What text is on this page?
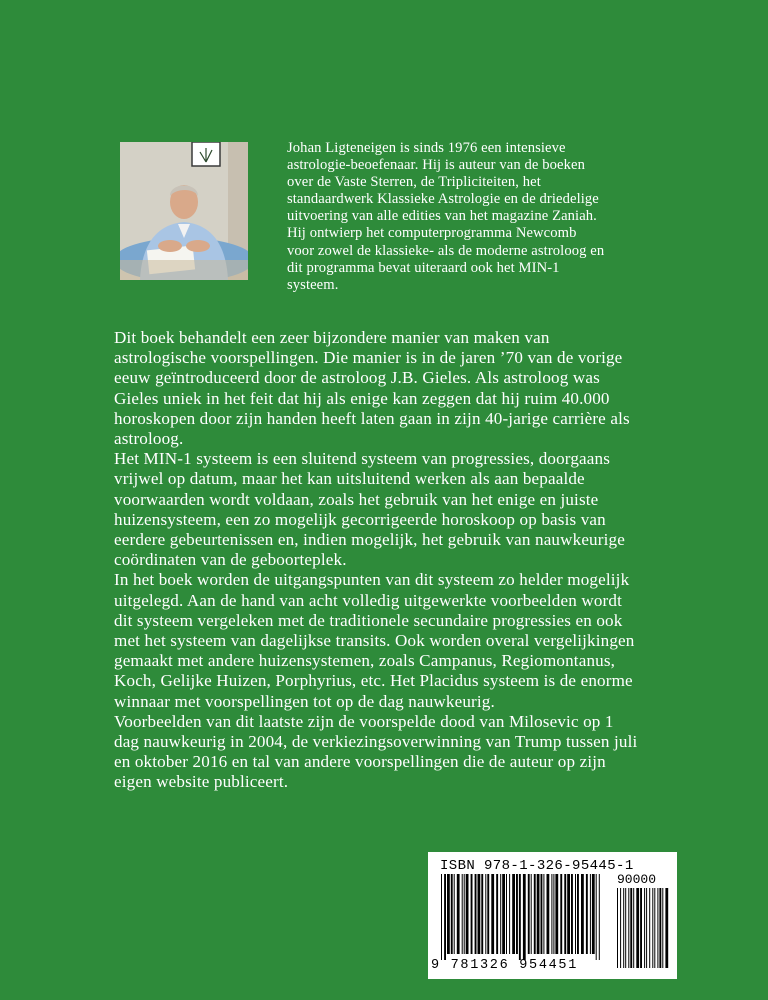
Johan Ligteneigen is sinds 1976 een intensieve

astrologie-beoefenaar. Hij is auteur van de boeken

over de Vaste Sterren, de Tripliciteiten, het

standaardwerk Klassieke Astrologie en de driedelige

uitvoering van alle edities van het magazine Zaniah.

Hij ontwierp het computerprogramma Newcomb

voor zowel de klassieke- als de moderne astroloog en

dit programma bevat uiteraard ook het MIN-1

systeem.

Dit boek behandelt een zeer bijzondere manier van maken van

astrologische voorspellingen. Die manier is in de jaren ’70 van de vorige

eeuw geïntroduceerd door de astroloog J.B. Gieles. Als astroloog was

Gieles uniek in het feit dat hij als enige kan zeggen dat hij ruim 40.000

horoskopen door zijn handen heeft laten gaan in zijn 40-jarige carrière als

astroloog.

Het MIN-1 systeem is een sluitend systeem van progressies, doorgaans

vrijwel op datum, maar het kan uitsluitend werken als aan bepaalde

voorwaarden wordt voldaan, zoals het gebruik van het enige en juiste

huizensysteem, een zo mogelijk gecorrigeerde horoskoop op basis van

eerdere gebeurtenissen en, indien mogelijk, het gebruik van nauwkeurige

coördinaten van de geboorteplek.

In het boek worden de uitgangspunten van dit systeem zo helder mogelijk

uitgelegd. Aan de hand van acht volledig uitgewerkte voorbeelden wordt

dit systeem vergeleken met de traditionele secundaire progressies en ook

met het systeem van dagelijkse transits. Ook worden overal vergelijkingen

gemaakt met andere huizensystemen, zoals Campanus, Regiomontanus,

Koch, Gelijke Huizen, Porphyrius, etc. Het Placidus systeem is de enorme

winnaar met voorspellingen tot op de dag nauwkeurig.

Voorbeelden van dit laatste zijn de voorspelde dood van Milosevic op 1

dag nauwkeurig in 2004, de verkiezingsoverwinning van Trump tussen juli

en oktober 2016 en tal van andere voorspellingen die de auteur op zijn

eigen website publiceert.

ISBN 978-1-326-95445-1
90000
9 781326 954451
